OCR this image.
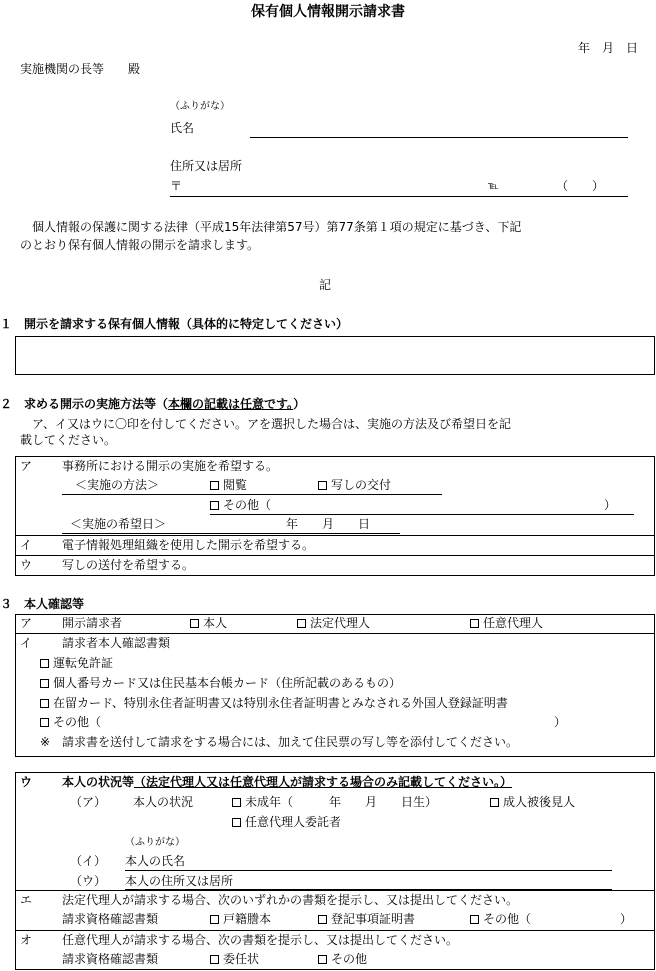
保有個人情報開示請求書
年　月　日
実施機関の長等　　殿
（ふりがな）
氏名
住所又は居所
〒	℡	（　　）
　個人情報の保護に関する法律（平成15年法律第57号）第77条第１項の規定に基づき、下記
のとおり保有個人情報の開示を請求します。
記
１　開示を請求する保有個人情報（具体的に特定してください）
２　求める開示の実施方法等（本欄の記載は任意です。）
　ア、イ又はウに〇印を付してください。アを選択した場合は、実施の方法及び希望日を記
載してください。
ア 事務所における開示の実施を希望する。
＜実施の方法＞	閲覧	写しの交付
その他（	）
＜実施の希望日＞	年　　月　　日
イ 電子情報処理組織を使用した開示を希望する。
ウ 写しの送付を希望する。
３　本人確認等
ア 開示請求者	本人	法定代理人	任意代理人
イ 請求者本人確認書類
運転免許証
個人番号カード又は住民基本台帳カード（住所記載のあるもの）
在留カード、特別永住者証明書又は特別永住者証明書とみなされる外国人登録証明書
その他（	）
※　請求書を送付して請求をする場合には、加えて住民票の写し等を添付してください。
ウ 本人の状況等（法定代理人又は任意代理人が請求する場合のみ記載してください。）
（ア） 本人の状況	未成年（　　　年　　月　　日生）	成人被後見人
任意代理人委託者
（ふりがな）
（イ） 本人の氏名
（ウ） 本人の住所又は居所
エ 法定代理人が請求する場合、次のいずれかの書類を提示し、又は提出してください。
請求資格確認書類	戸籍謄本	登記事項証明書	その他（	）
オ 任意代理人が請求する場合、次の書類を提示し、又は提出してください。
請求資格確認書類	委任状	その他
